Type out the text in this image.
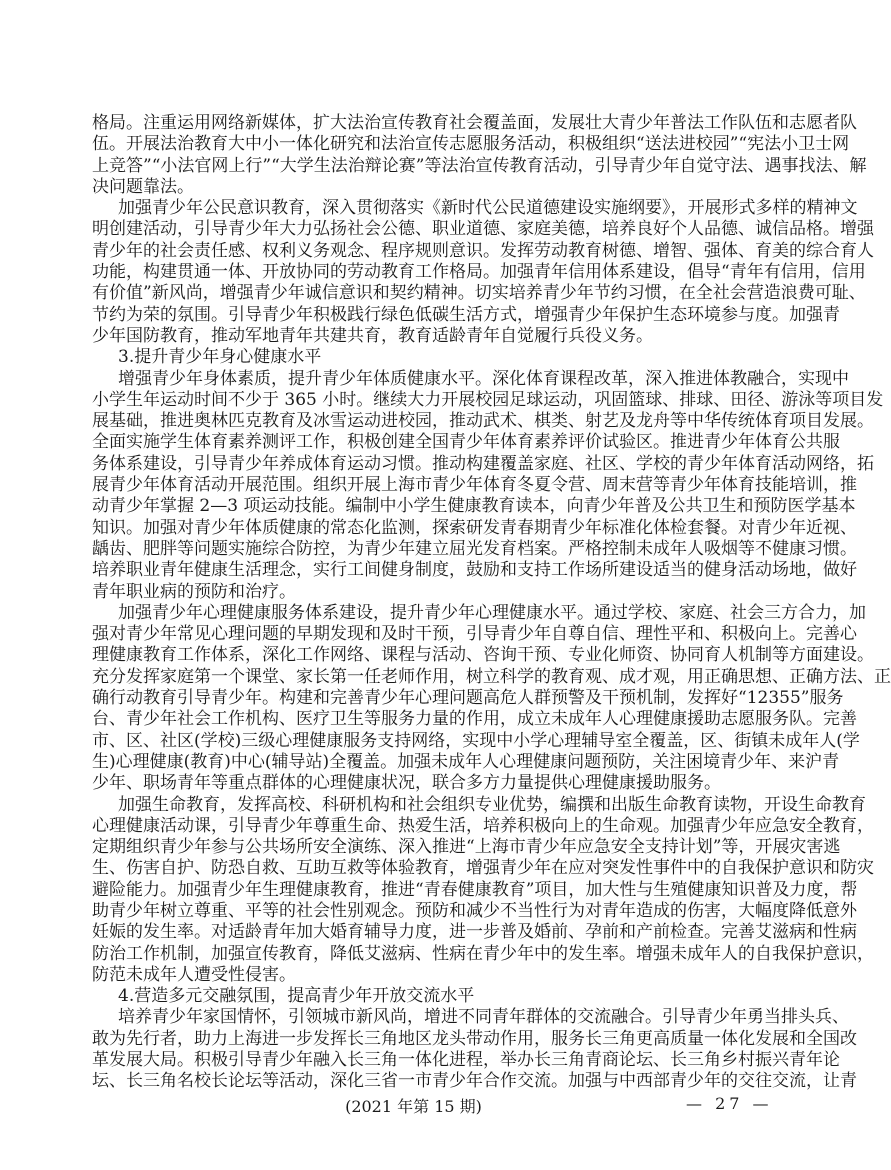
格局。注重运用网络新媒体，扩大法治宣传教育社会覆盖面，发展壮大青少年普法工作队伍和志愿者队
伍。开展法治教育大中小一体化研究和法治宣传志愿服务活动，积极组织“送法进校园”“宪法小卫士网
上竞答”“小法官网上行”“大学生法治辩论赛”等法治宣传教育活动，引导青少年自觉守法、遇事找法、解
决问题靠法。
加强青少年公民意识教育，深入贯彻落实《新时代公民道德建设实施纲要》，开展形式多样的精神文
明创建活动，引导青少年大力弘扬社会公德、职业道德、家庭美德，培养良好个人品德、诚信品格。增强
青少年的社会责任感、权利义务观念、程序规则意识。发挥劳动教育树德、增智、强体、育美的综合育人
功能，构建贯通一体、开放协同的劳动教育工作格局。加强青年信用体系建设，倡导“青年有信用，信用
有价值”新风尚，增强青少年诚信意识和契约精神。切实培养青少年节约习惯，在全社会营造浪费可耻、
节约为荣的氛围。引导青少年积极践行绿色低碳生活方式，增强青少年保护生态环境参与度。加强青
少年国防教育，推动军地青年共建共育，教育适龄青年自觉履行兵役义务。
3.提升青少年身心健康水平
增强青少年身体素质，提升青少年体质健康水平。深化体育课程改革，深入推进体教融合，实现中
小学生年运动时间不少于 365 小时。继续大力开展校园足球运动，巩固篮球、排球、田径、游泳等项目发
展基础，推进奥林匹克教育及冰雪运动进校园，推动武术、棋类、射艺及龙舟等中华传统体育项目发展。
全面实施学生体育素养测评工作，积极创建全国青少年体育素养评价试验区。推进青少年体育公共服
务体系建设，引导青少年养成体育运动习惯。推动构建覆盖家庭、社区、学校的青少年体育活动网络，拓
展青少年体育活动开展范围。组织开展上海市青少年体育冬夏令营、周末营等青少年体育技能培训，推
动青少年掌握 2—3 项运动技能。编制中小学生健康教育读本，向青少年普及公共卫生和预防医学基本
知识。加强对青少年体质健康的常态化监测，探索研发青春期青少年标准化体检套餐。对青少年近视、
龋齿、肥胖等问题实施综合防控，为青少年建立屈光发育档案。严格控制未成年人吸烟等不健康习惯。
培养职业青年健康生活理念，实行工间健身制度，鼓励和支持工作场所建设适当的健身活动场地，做好
青年职业病的预防和治疗。
加强青少年心理健康服务体系建设，提升青少年心理健康水平。通过学校、家庭、社会三方合力，加
强对青少年常见心理问题的早期发现和及时干预，引导青少年自尊自信、理性平和、积极向上。完善心
理健康教育工作体系，深化工作网络、课程与活动、咨询干预、专业化师资、协同育人机制等方面建设。
充分发挥家庭第一个课堂、家长第一任老师作用，树立科学的教育观、成才观，用正确思想、正确方法、正
确行动教育引导青少年。构建和完善青少年心理问题高危人群预警及干预机制，发挥好“12355”服务
台、青少年社会工作机构、医疗卫生等服务力量的作用，成立未成年人心理健康援助志愿服务队。完善
市、区、社区(学校)三级心理健康服务支持网络，实现中小学心理辅导室全覆盖，区、街镇未成年人(学
生)心理健康(教育)中心(辅导站)全覆盖。加强未成年人心理健康问题预防，关注困境青少年、来沪青
少年、职场青年等重点群体的心理健康状况，联合多方力量提供心理健康援助服务。
加强生命教育，发挥高校、科研机构和社会组织专业优势，编撰和出版生命教育读物，开设生命教育
心理健康活动课，引导青少年尊重生命、热爱生活，培养积极向上的生命观。加强青少年应急安全教育，
定期组织青少年参与公共场所安全演练、深入推进“上海市青少年应急安全支持计划”等，开展灾害逃
生、伤害自护、防恐自救、互助互救等体验教育，增强青少年在应对突发性事件中的自我保护意识和防灾
避险能力。加强青少年生理健康教育，推进“青春健康教育”项目，加大性与生殖健康知识普及力度，帮
助青少年树立尊重、平等的社会性别观念。预防和减少不当性行为对青年造成的伤害，大幅度降低意外
妊娠的发生率。对适龄青年加大婚育辅导力度，进一步普及婚前、孕前和产前检查。完善艾滋病和性病
防治工作机制，加强宣传教育，降低艾滋病、性病在青少年中的发生率。增强未成年人的自我保护意识，
防范未成年人遭受性侵害。
4.营造多元交融氛围，提高青少年开放交流水平
培养青少年家国情怀，引领城市新风尚，增进不同青年群体的交流融合。引导青少年勇当排头兵、
敢为先行者，助力上海进一步发挥长三角地区龙头带动作用，服务长三角更高质量一体化发展和全国改
革发展大局。积极引导青少年融入长三角一体化进程，举办长三角青商论坛、长三角乡村振兴青年论
坛、长三角名校长论坛等活动，深化三省一市青少年合作交流。加强与中西部青少年的交往交流，让青
(2021 年第 15 期)	— 27 —
